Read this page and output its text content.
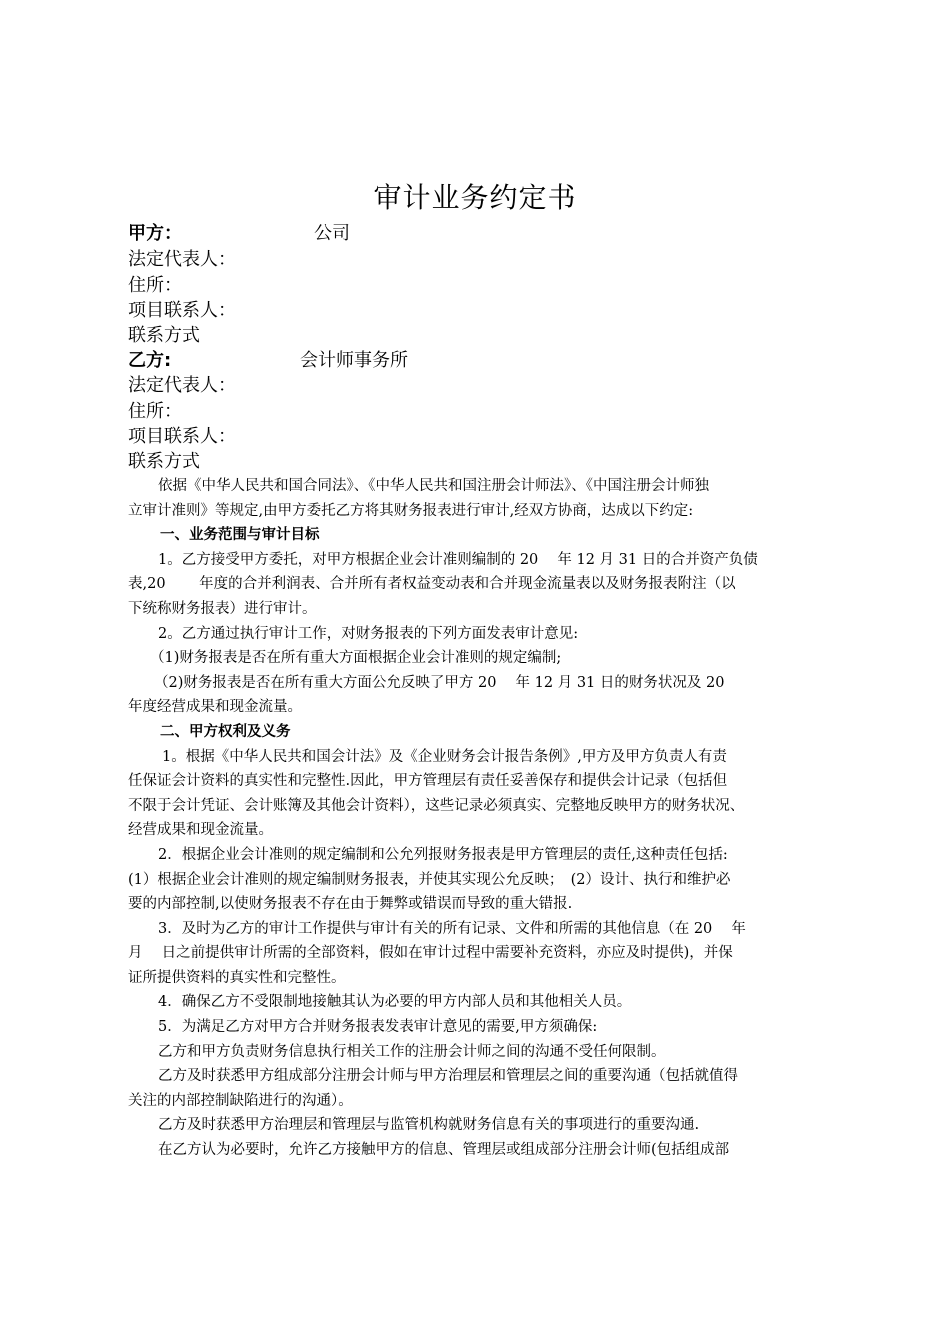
审计业务约定书
甲方：	公司
法定代表人：
住所：
项目联系人：
联系方式
乙方:	会计师事务所
法定代表人：
住所：
项目联系人：
联系方式
依据《中华人民共和国合同法》、《中华人民共和国注册会计师法》、《中国注册会计师独
立审计准则》等规定,由甲方委托乙方将其财务报表进行审计,经双方协商，达成以下约定:
一、业务范围与审计目标
1。乙方接受甲方委托，对甲方根据企业会计准则编制的 20　 年 12 月 31 日的合并资产负债
表,20　　 年度的合并利润表、合并所有者权益变动表和合并现金流量表以及财务报表附注（以
下统称财务报表）进行审计。
2。乙方通过执行审计工作，对财务报表的下列方面发表审计意见:
（1)财务报表是否在所有重大方面根据企业会计准则的规定编制;
（2)财务报表是否在所有重大方面公允反映了甲方 20　 年 12 月 31 日的财务状况及 20
年度经营成果和现金流量。
二、甲方权利及义务
1。根据《中华人民共和国会计法》及《企业财务会计报告条例》,甲方及甲方负责人有责
任保证会计资料的真实性和完整性.因此，甲方管理层有责任妥善保存和提供会计记录（包括但
不限于会计凭证、会计账簿及其他会计资料），这些记录必须真实、完整地反映甲方的财务状况、
经营成果和现金流量。
2．根据企业会计准则的规定编制和公允列报财务报表是甲方管理层的责任,这种责任包括:
(1）根据企业会计准则的规定编制财务报表，并使其实现公允反映；　(2）设计、执行和维护必
要的内部控制,以使财务报表不存在由于舞弊或错误而导致的重大错报.
3．及时为乙方的审计工作提供与审计有关的所有记录、文件和所需的其他信息（在 20　 年
月　 日之前提供审计所需的全部资料，假如在审计过程中需要补充资料，亦应及时提供)，并保
证所提供资料的真实性和完整性。
4．确保乙方不受限制地接触其认为必要的甲方内部人员和其他相关人员。
5．为满足乙方对甲方合并财务报表发表审计意见的需要,甲方须确保:
乙方和甲方负责财务信息执行相关工作的注册会计师之间的沟通不受任何限制。
乙方及时获悉甲方组成部分注册会计师与甲方治理层和管理层之间的重要沟通（包括就值得
关注的内部控制缺陷进行的沟通）。
乙方及时获悉甲方治理层和管理层与监管机构就财务信息有关的事项进行的重要沟通.
在乙方认为必要时，允许乙方接触甲方的信息、管理层或组成部分注册会计师(包括组成部
